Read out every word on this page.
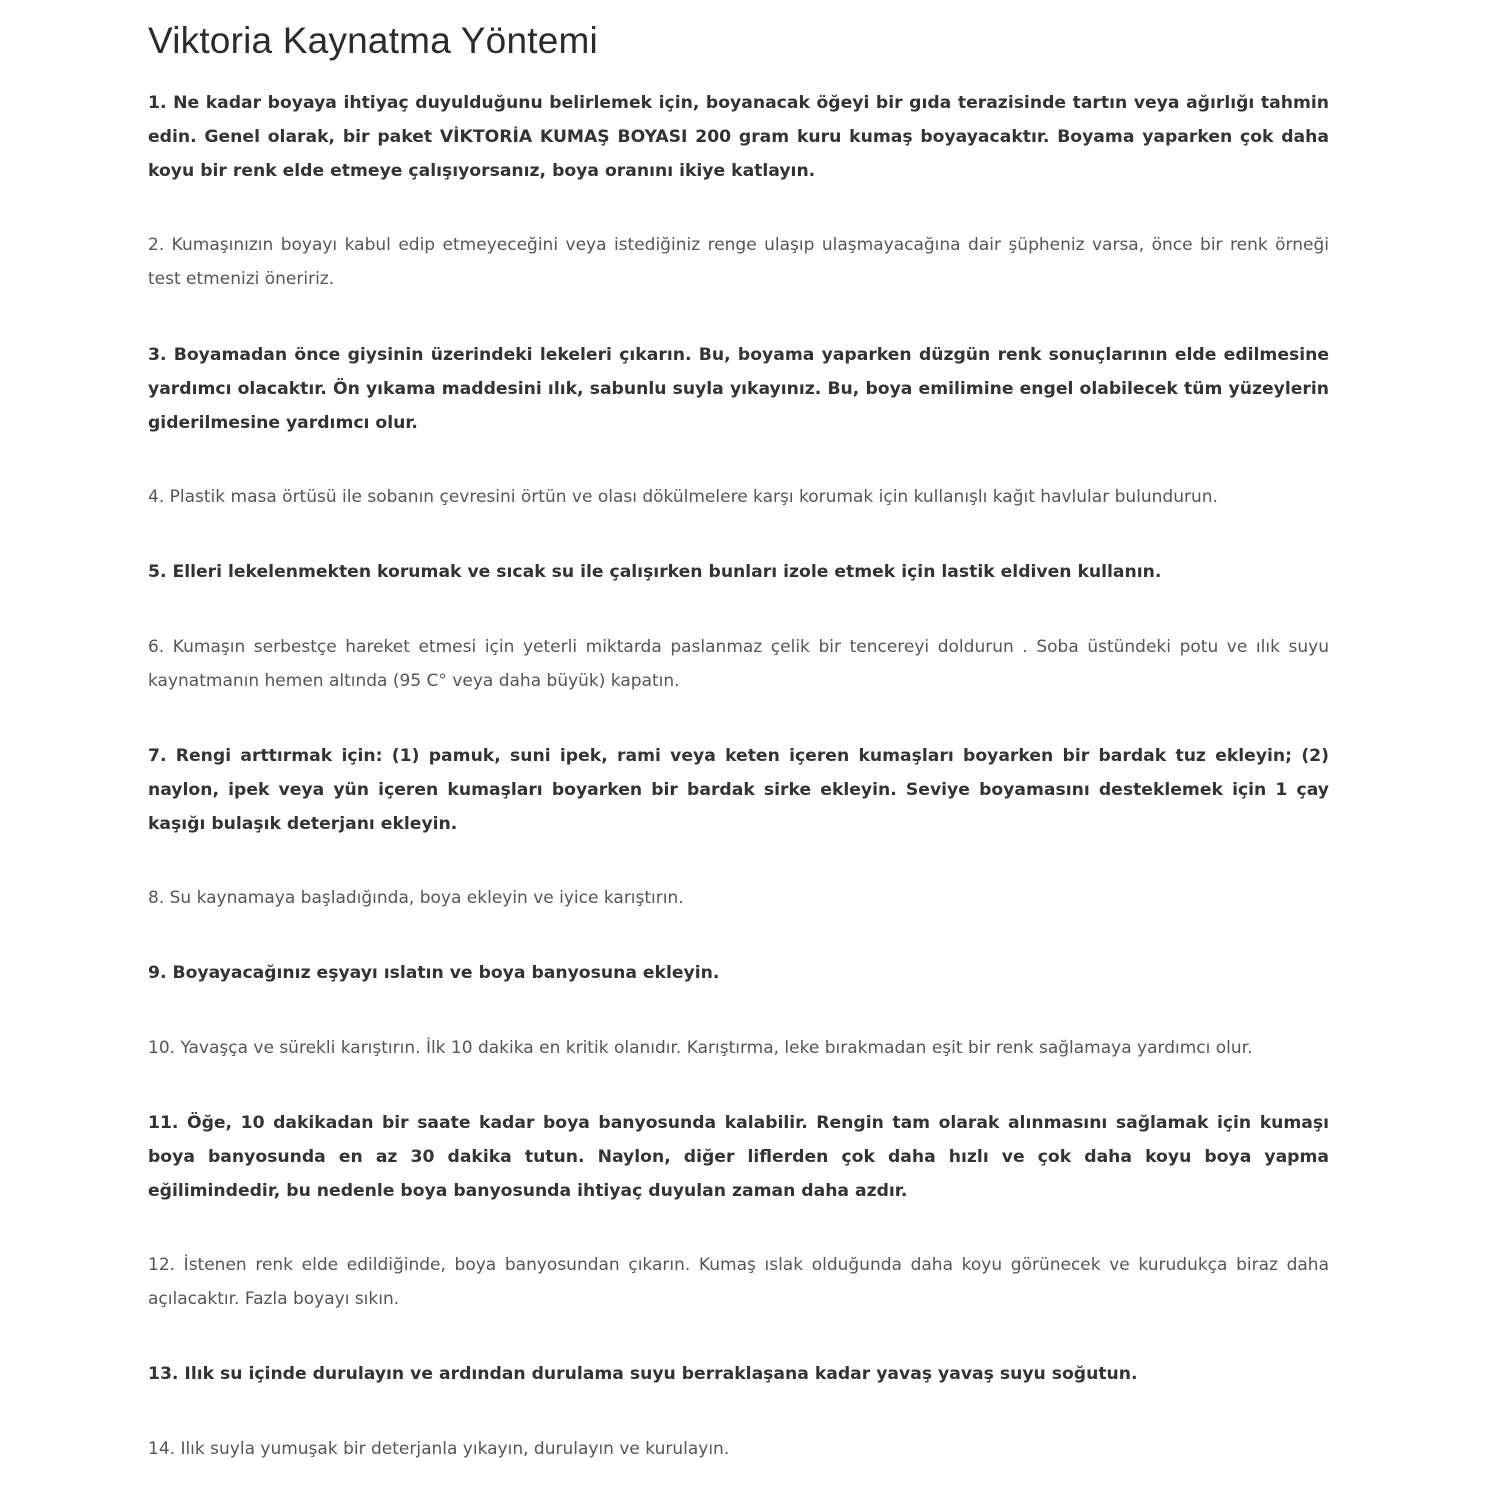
Viktoria Kaynatma Yöntemi

1. Ne kadar boyaya ihtiyaç duyulduğunu belirlemek için, boyanacak öğeyi bir gıda terazisinde tartın veya ağırlığı tahmin edin. Genel olarak, bir paket VİKTORİA KUMAŞ BOYASI 200 gram kuru kumaş boyayacaktır. Boyama yaparken çok daha koyu bir renk elde etmeye çalışıyorsanız, boya oranını ikiye katlayın.

2. Kumaşınızın boyayı kabul edip etmeyeceğini veya istediğiniz renge ulaşıp ulaşmayacağına dair şüpheniz varsa, önce bir renk örneği test etmenizi öneririz.

3. Boyamadan önce giysinin üzerindeki lekeleri çıkarın. Bu, boyama yaparken düzgün renk sonuçlarının elde edilmesine yardımcı olacaktır. Ön yıkama maddesini ılık, sabunlu suyla yıkayınız. Bu, boya emilimine engel olabilecek tüm yüzeylerin giderilmesine yardımcı olur.

4. Plastik masa örtüsü ile sobanın çevresini örtün ve olası dökülmelere karşı korumak için kullanışlı kağıt havlular bulundurun.

5. Elleri lekelenmekten korumak ve sıcak su ile çalışırken bunları izole etmek için lastik eldiven kullanın.

6. Kumaşın serbestçe hareket etmesi için yeterli miktarda paslanmaz çelik bir tencereyi doldurun . Soba üstündeki potu ve ılık suyu kaynatmanın hemen altında (95 C° veya daha büyük) kapatın.

7. Rengi arttırmak için: (1) pamuk, suni ipek, rami veya keten içeren kumaşları boyarken bir bardak tuz ekleyin; (2) naylon, ipek veya yün içeren kumaşları boyarken bir bardak sirke ekleyin. Seviye boyamasını desteklemek için 1 çay kaşığı bulaşık deterjanı ekleyin.

8. Su kaynamaya başladığında, boya ekleyin ve iyice karıştırın.

9. Boyayacağınız eşyayı ıslatın ve boya banyosuna ekleyin.

10. Yavaşça ve sürekli karıştırın. İlk 10 dakika en kritik olanıdır. Karıştırma, leke bırakmadan eşit bir renk sağlamaya yardımcı olur.

11. Öğe, 10 dakikadan bir saate kadar boya banyosunda kalabilir. Rengin tam olarak alınmasını sağlamak için kumaşı boya banyosunda en az 30 dakika tutun. Naylon, diğer liflerden çok daha hızlı ve çok daha koyu boya yapma eğilimindedir, bu nedenle boya banyosunda ihtiyaç duyulan zaman daha azdır.

12. İstenen renk elde edildiğinde, boya banyosundan çıkarın. Kumaş ıslak olduğunda daha koyu görünecek ve kurudukça biraz daha açılacaktır. Fazla boyayı sıkın.

13. Ilık su içinde durulayın ve ardından durulama suyu berraklaşana kadar yavaş yavaş suyu soğutun.

14. Ilık suyla yumuşak bir deterjanla yıkayın, durulayın ve kurulayın.
